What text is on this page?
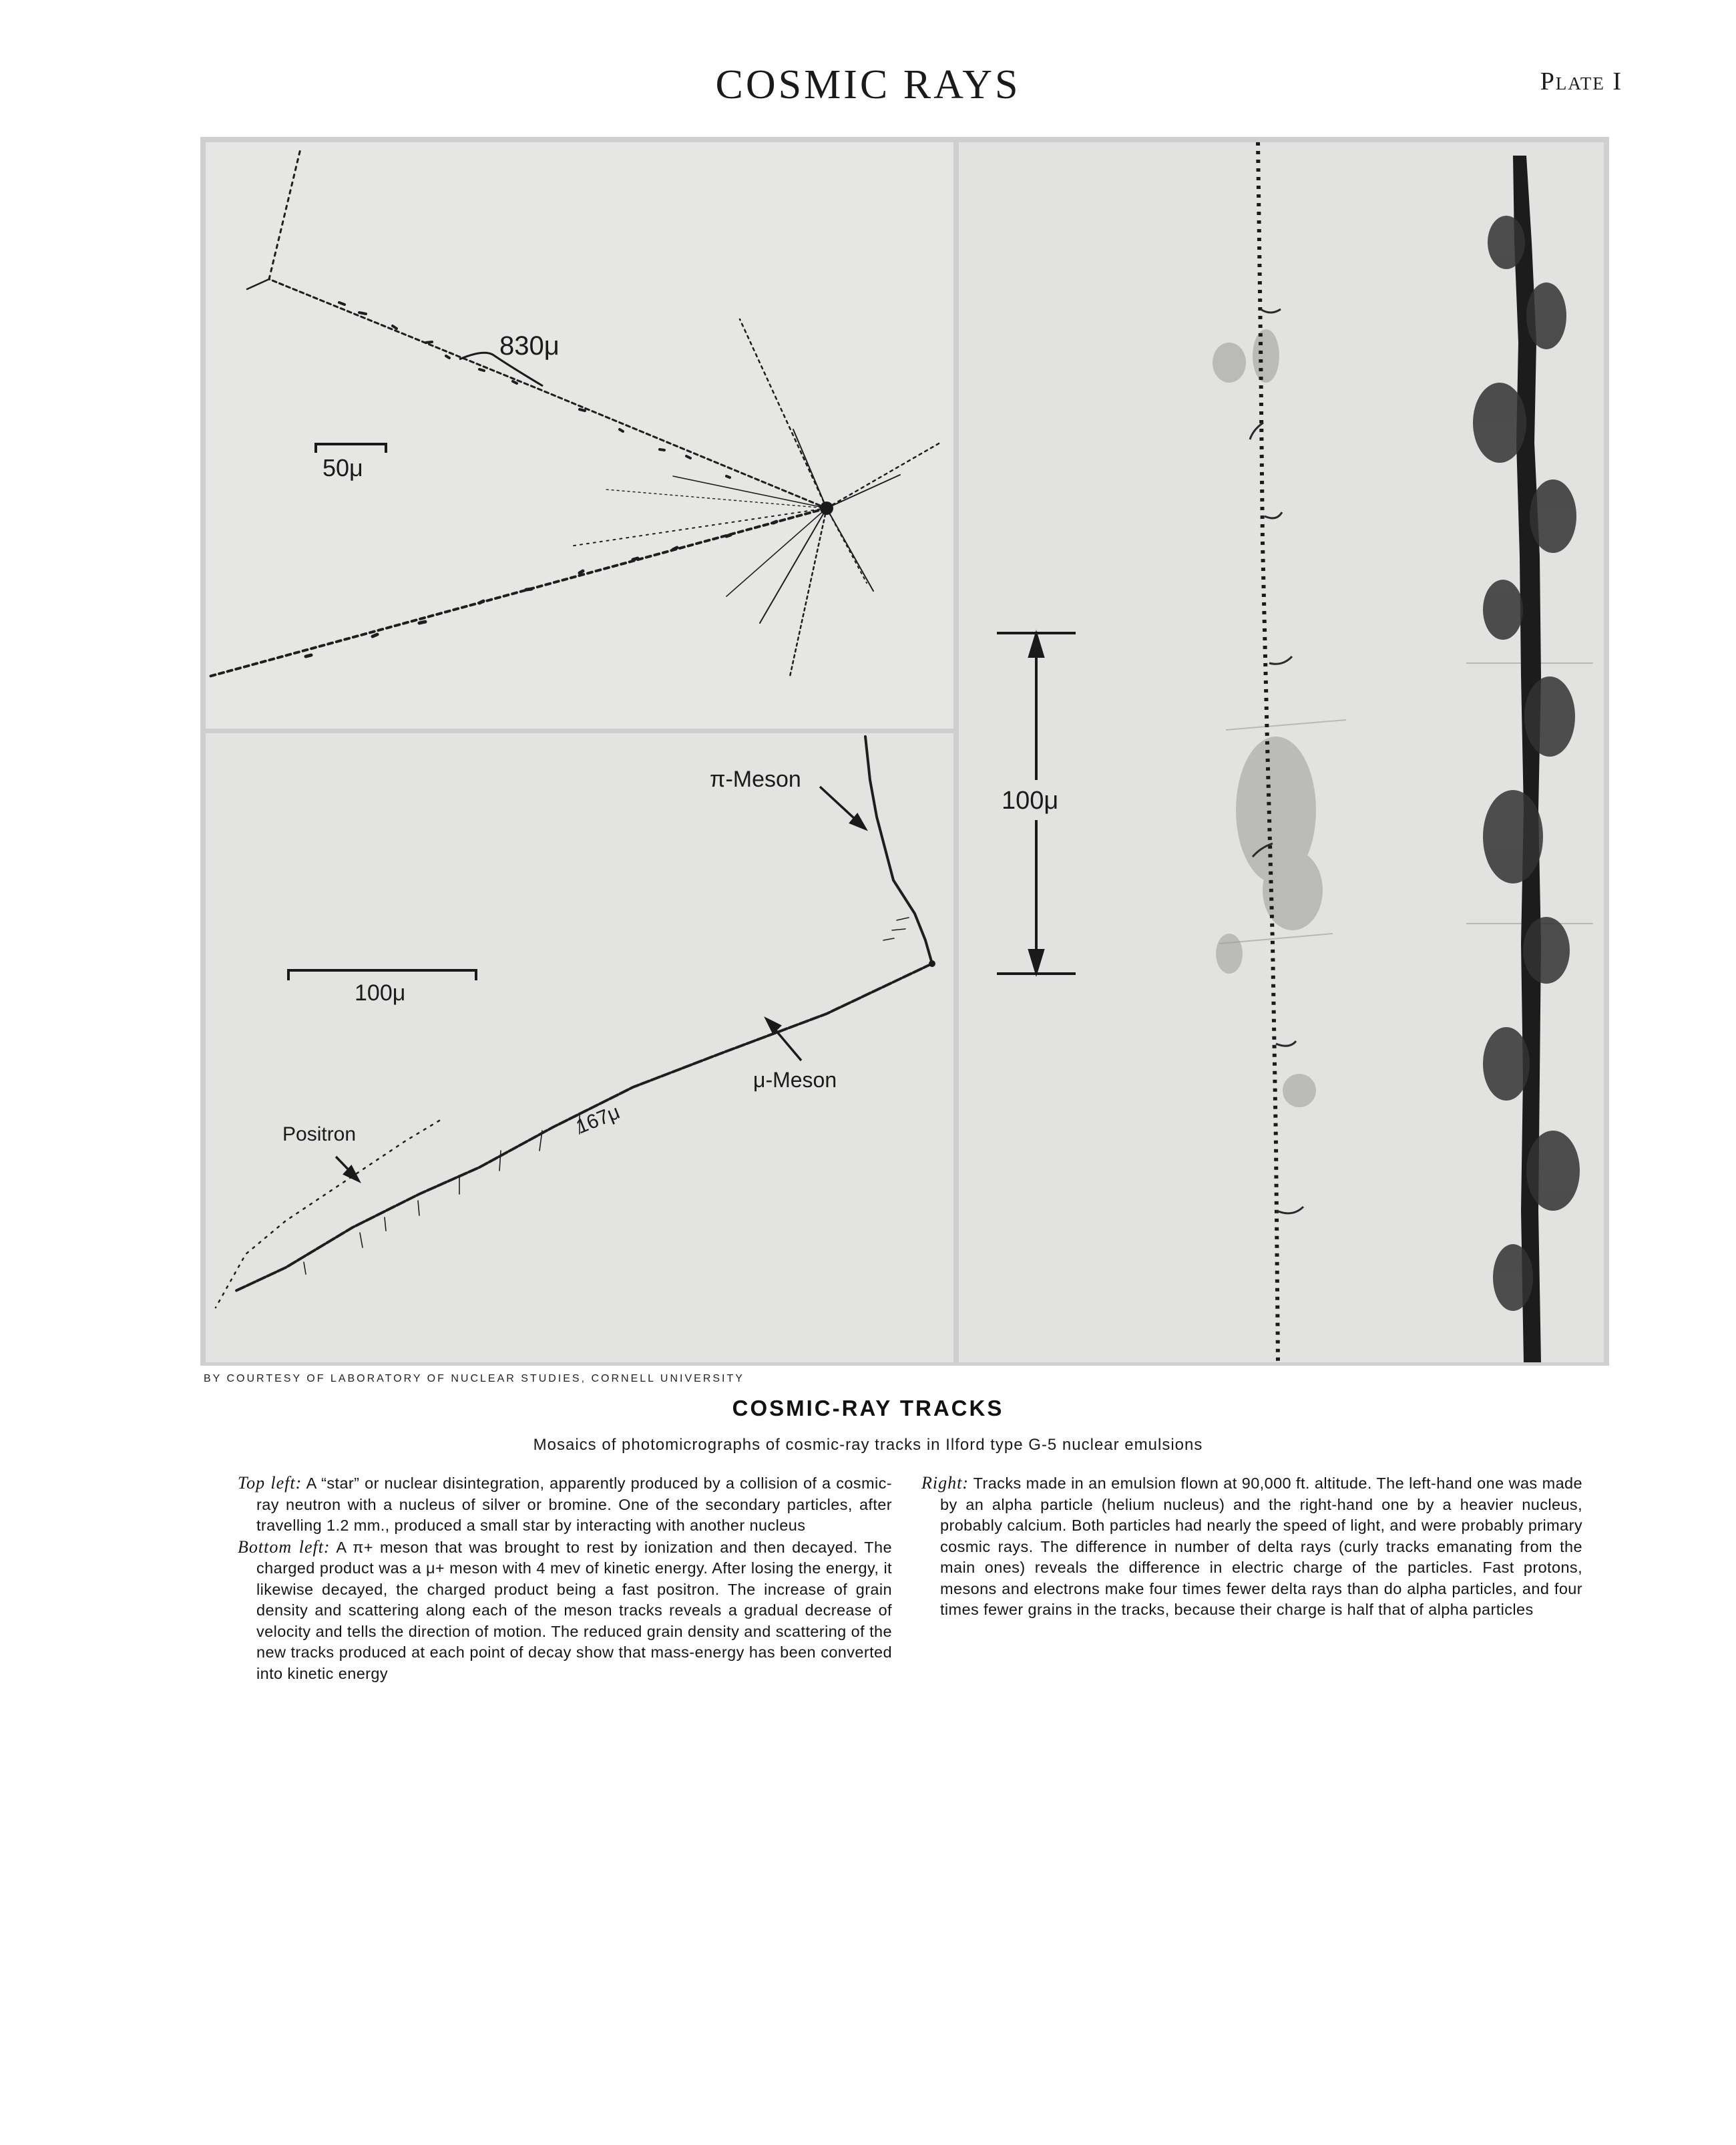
COSMIC RAYS	Plate I
830μ
50μ
π-Meson
μ-Meson
Positron	167μ
100μ
100μ
BY COURTESY OF LABORATORY OF NUCLEAR STUDIES, CORNELL UNIVERSITY
COSMIC-RAY TRACKS
Mosaics of photomicrographs of cosmic-ray tracks in Ilford type G-5 nuclear emulsions

Top left: A “star” or nuclear disintegration, apparently produced by a collision of a cosmic-ray neutron with a nucleus of silver or bromine. One of the secondary particles, after travelling 1.2 mm., produced a small star by interacting with another nucleus

Bottom left: A π+ meson that was brought to rest by ionization and then decayed. The charged product was a μ+ meson with 4 mev of kinetic energy. After losing the energy, it likewise decayed, the charged product being a fast positron. The increase of grain density and scattering along each of the meson tracks reveals a gradual decrease of velocity and tells the direction of motion. The reduced grain density and scattering of the new tracks produced at each point of decay show that mass-energy has been converted into kinetic energy

Right: Tracks made in an emulsion flown at 90,000 ft. altitude. The left-hand one was made by an alpha particle (helium nucleus) and the right-hand one by a heavier nucleus, probably calcium. Both particles had nearly the speed of light, and were probably primary cosmic rays. The difference in number of delta rays (curly tracks emanating from the main ones) reveals the difference in electric charge of the particles. Fast protons, mesons and electrons make four times fewer delta rays than do alpha particles, and four times fewer grains in the tracks, because their charge is half that of alpha particles
